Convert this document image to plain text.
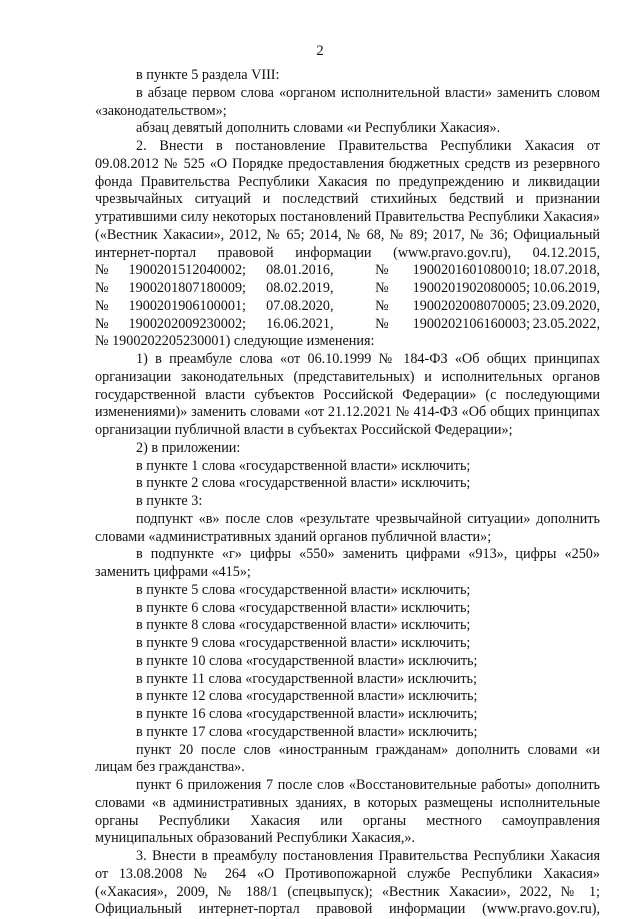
2

в пункте 5 раздела VIII:

в абзаце первом слова «органом исполнительной власти» заменить словом «законодательством»;

абзац девятый дополнить словами «и Республики Хакасия».

2. Внести в постановление Правительства Республики Хакасия от 09.08.2012 № 525 «О Порядке предоставления бюджетных средств из резервного фонда Правительства Республики Хакасия по предупреждению и ликвидации чрезвычайных ситуаций и последствий стихийных бедствий и признании утратившими силу некоторых постановлений Правительства Республики Хакасия» («Вестник Хакасии», 2012, № 65; 2014, № 68, № 89; 2017, № 36; Официальный интернет-портал правовой информации (www.pravo.gov.ru), 04.12.2015,

№	1900201512040002;	08.01.2016,	№	1900201601080010;	18.07.2018,
№	1900201807180009;	08.02.2019,	№	1900201902080005;	10.06.2019,
№	1900201906100001;	07.08.2020,	№	1900202008070005;	23.09.2020,
№	1900202009230002;	16.06.2021,	№	1900202106160003;	23.05.2022,

№ 1900202205230001) следующие изменения:

1) в преамбуле слова «от 06.10.1999 № 184-ФЗ «Об общих принципах организации законодательных (представительных) и исполнительных органов государственной власти субъектов Российской Федерации» (с последующими изменениями)» заменить словами «от 21.12.2021 № 414-ФЗ «Об общих принципах организации публичной власти в субъектах Российской Федерации»;

2) в приложении:

в пункте 1 слова «государственной власти» исключить;

в пункте 2 слова «государственной власти» исключить;

в пункте 3:

подпункт «в» после слов «результате чрезвычайной ситуации» дополнить словами «административных зданий органов публичной власти»;

в подпункте «г» цифры «550» заменить цифрами «913», цифры «250» заменить цифрами «415»;

в пункте 5 слова «государственной власти» исключить;

в пункте 6 слова «государственной власти» исключить;

в пункте 8 слова «государственной власти» исключить;

в пункте 9 слова «государственной власти» исключить;

в пункте 10 слова «государственной власти» исключить;

в пункте 11 слова «государственной власти» исключить;

в пункте 12 слова «государственной власти» исключить;

в пункте 16 слова «государственной власти» исключить;

в пункте 17 слова «государственной власти» исключить;

пункт 20 после слов «иностранным гражданам» дополнить словами «и лицам без гражданства».

пункт 6 приложения 7 после слов «Восстановительные работы» дополнить словами «в административных зданиях, в которых размещены исполнительные органы Республики Хакасия или органы местного самоуправления муниципальных образований Республики Хакасия,».

3. Внести в преамбулу постановления Правительства Республики Хакасия от 13.08.2008 № 264 «О Противопожарной службе Республики Хакасия» («Хакасия», 2009, № 188/1 (спецвыпуск); «Вестник Хакасии», 2022, № 1; Официальный интернет-портал правовой информации (www.pravo.gov.ru),
